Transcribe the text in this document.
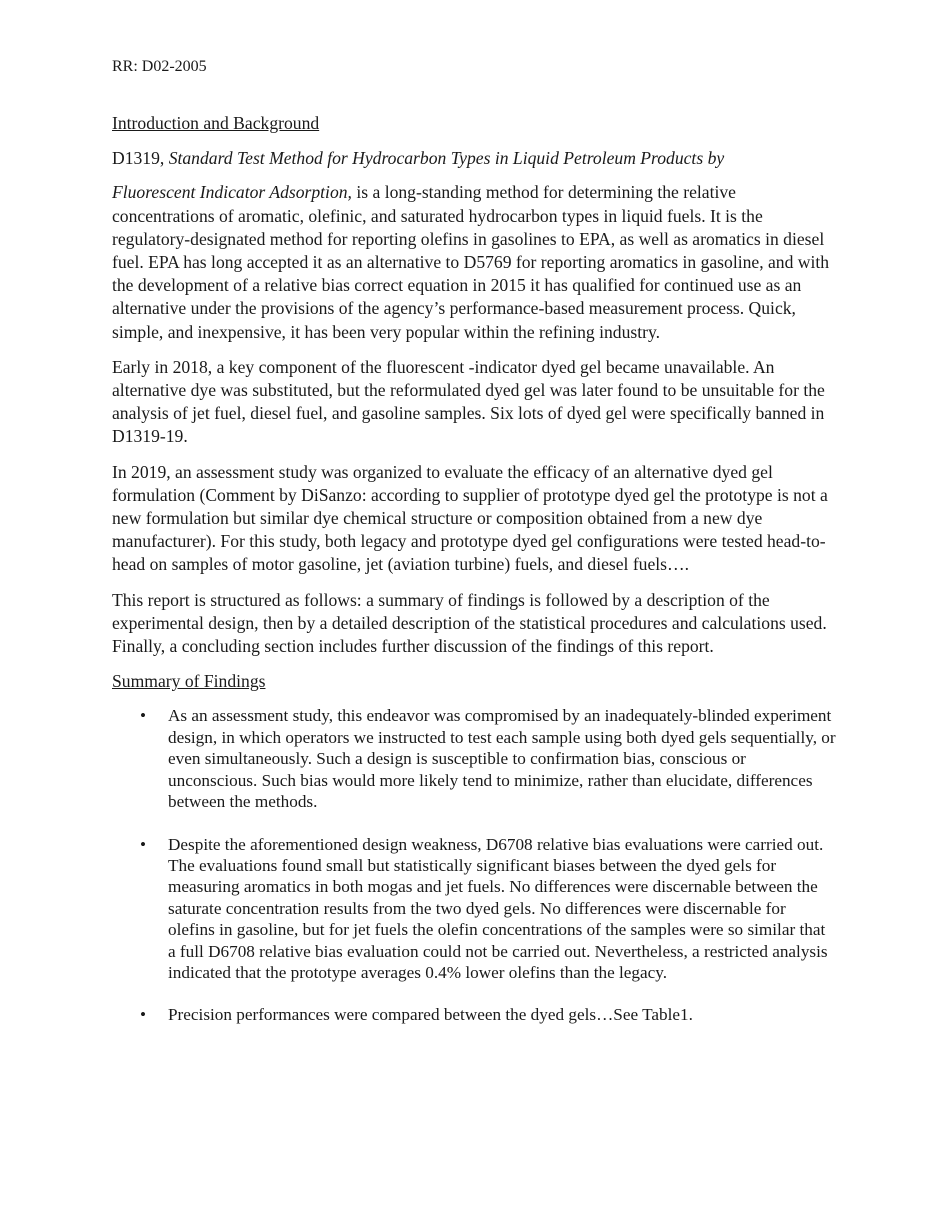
RR: D02-2005

Introduction and Background

D1319, Standard Test Method for Hydrocarbon Types in Liquid Petroleum Products by

Fluorescent Indicator Adsorption, is a long-standing method for determining the relative concentrations of aromatic, olefinic, and saturated hydrocarbon types in liquid fuels. It is the regulatory-designated method for reporting olefins in gasolines to EPA, as well as aromatics in diesel fuel. EPA has long accepted it as an alternative to D5769 for reporting aromatics in gasoline, and with the development of a relative bias correct equation in 2015 it has qualified for continued use as an alternative under the provisions of the agency’s performance-based measurement process. Quick, simple, and inexpensive, it has been very popular within the refining industry.

Early in 2018, a key component of the fluorescent -indicator dyed gel became unavailable. An alternative dye was substituted, but the reformulated dyed gel was later found to be unsuitable for the analysis of jet fuel, diesel fuel, and gasoline samples. Six lots of dyed gel were specifically banned in D1319-19.

In 2019, an assessment study was organized to evaluate the efficacy of an alternative dyed gel formulation (Comment by DiSanzo: according to supplier of prototype dyed gel the prototype is not a new formulation but similar dye chemical structure or composition obtained from a new dye manufacturer). For this study, both legacy and prototype dyed gel configurations were tested head-to-head on samples of motor gasoline, jet (aviation turbine) fuels, and diesel fuels….

This report is structured as follows: a summary of findings is followed by a description of the experimental design, then by a detailed description of the statistical procedures and calculations used. Finally, a concluding section includes further discussion of the findings of this report.

Summary of Findings

• As an assessment study, this endeavor was compromised by an inadequately-blinded experiment design, in which operators we instructed to test each sample using both dyed gels sequentially, or even simultaneously. Such a design is susceptible to confirmation bias, conscious or unconscious. Such bias would more likely tend to minimize, rather than elucidate, differences between the methods.
• Despite the aforementioned design weakness, D6708 relative bias evaluations were carried out. The evaluations found small but statistically significant biases between the dyed gels for measuring aromatics in both mogas and jet fuels. No differences were discernable between the saturate concentration results from the two dyed gels. No differences were discernable for olefins in gasoline, but for jet fuels the olefin concentrations of the samples were so similar that a full D6708 relative bias evaluation could not be carried out. Nevertheless, a restricted analysis indicated that the prototype averages 0.4% lower olefins than the legacy.
• Precision performances were compared between the dyed gels…See Table1.
